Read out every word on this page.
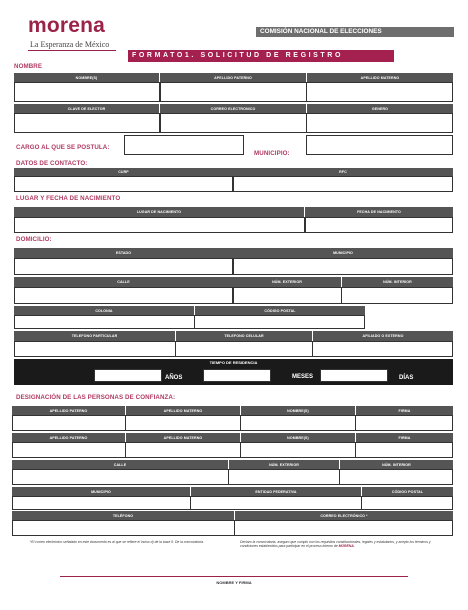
morena
La Esperanza de México
COMISIÓN NACIONAL DE ELECCIONES
FORMATO1. SOLICITUD DE REGISTRO
NOMBRE
NOMBRE(S)	APELLIDO PATERNO	APELLIDO MATERNO
CLAVE DE ELECTOR	CORREO ELECTRONICO	GENERO
CARGO AL QUE SE POSTULA:
MUNICIPIO:
DATOS DE CONTACTO:
CURP	RFC
LUGAR Y FECHA DE NACIMIENTO
LUGAR DE NACIMIENTO	FECHA DE NACIMIENTO
DOMICILIO:
ESTADO	MUNICIPIO
CALLE	NÚM. EXTERIOR	NÚM. INTERIOR
COLONIA	CÓDIGO POSTAL
TELEFONO PARTICULAR	TELEFONO CELULAR	AFILIADO O EXTERNO
TIEMPO DE RESIDENCIA
AÑOS	MESES	DÍAS
DESIGNACIÓN DE LAS PERSONAS DE CONFIANZA:
APELLIDO PATERNO	APELLIDO MATERNO	NOMBRE(S)	FIRMA
APELLIDO PATERNO	APELLIDO MATERNO	NOMBRE(S)	FIRMA
CALLE	NÚM. EXTERIOR	NÚM. INTERIOR
MUNICIPIO	ENTIDAD FEDERATIVA	CÓDIGO POSTAL
TELÉFONO	CORREO ELECTRÓNICO *
*El correo electrónico señalado en este documento es al que se refiere el inciso d) de la base 5. De la convocatoria.	Declaro la convocatoria, aseguro que cumplo con los requisitos constitucionales, legales y estatutarios, y acepto los términos y condiciones establecidos para participar en el proceso interno de MORENA.
NOMBRE Y FIRMA
